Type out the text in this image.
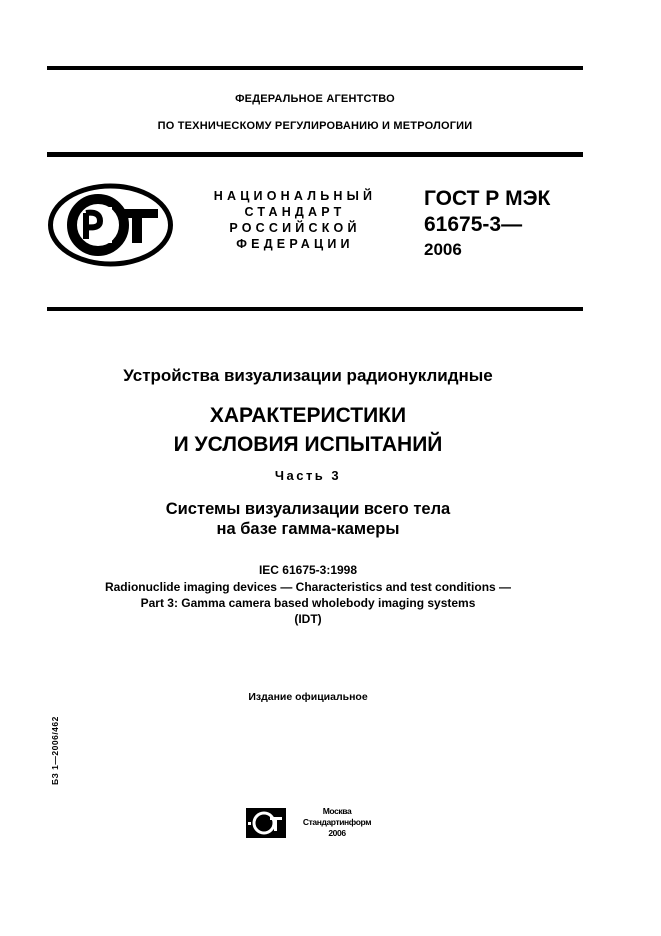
ФЕДЕРАЛЬНОЕ АГЕНТСТВО
ПО ТЕХНИЧЕСКОМУ РЕГУЛИРОВАНИЮ И МЕТРОЛОГИИ
НАЦИОНАЛЬНЫЙ
СТАНДАРТ
РОССИЙСКОЙ
ФЕДЕРАЦИИ
ГОСТ Р МЭК
61675-3—
2006
Устройства визуализации радионуклидные
ХАРАКТЕРИСТИКИ
И УСЛОВИЯ ИСПЫТАНИЙ
Часть 3
Системы визуализации всего тела
на базе гамма-камеры
IEC 61675-3:1998
Radionuclide imaging devices — Characteristics and test conditions —
Part 3: Gamma camera based wholebody imaging systems
(IDT)
Издание официальное
БЗ 1—2006/462
Москва
Стандартинформ
2006
